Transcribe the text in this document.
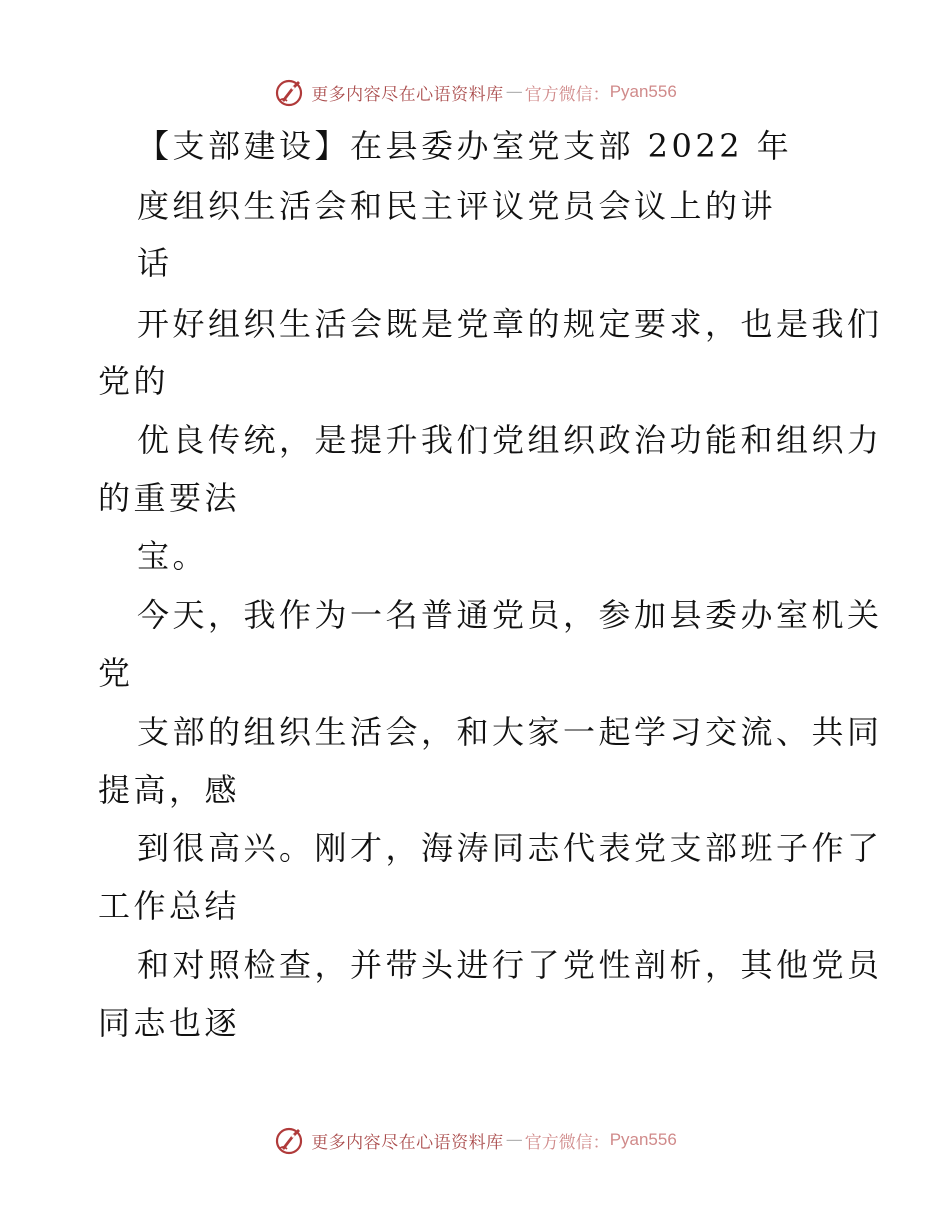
更多内容尽在心语资料库 — 官方微信： Pyan556
【支部建设】在县委办室党支部 2022 年
度组织生活会和民主评议党员会议上的讲
话
开好组织生活会既是党章的规定要求，也是我们
党的
优良传统，是提升我们党组织政治功能和组织力
的重要法
宝。
今天，我作为一名普通党员，参加县委办室机关
党
支部的组织生活会，和大家一起学习交流、共同
提高，感
到很高兴。刚才，海涛同志代表党支部班子作了
工作总结
和对照检查，并带头进行了党性剖析，其他党员
同志也逐
更多内容尽在心语资料库 — 官方微信： Pyan556
